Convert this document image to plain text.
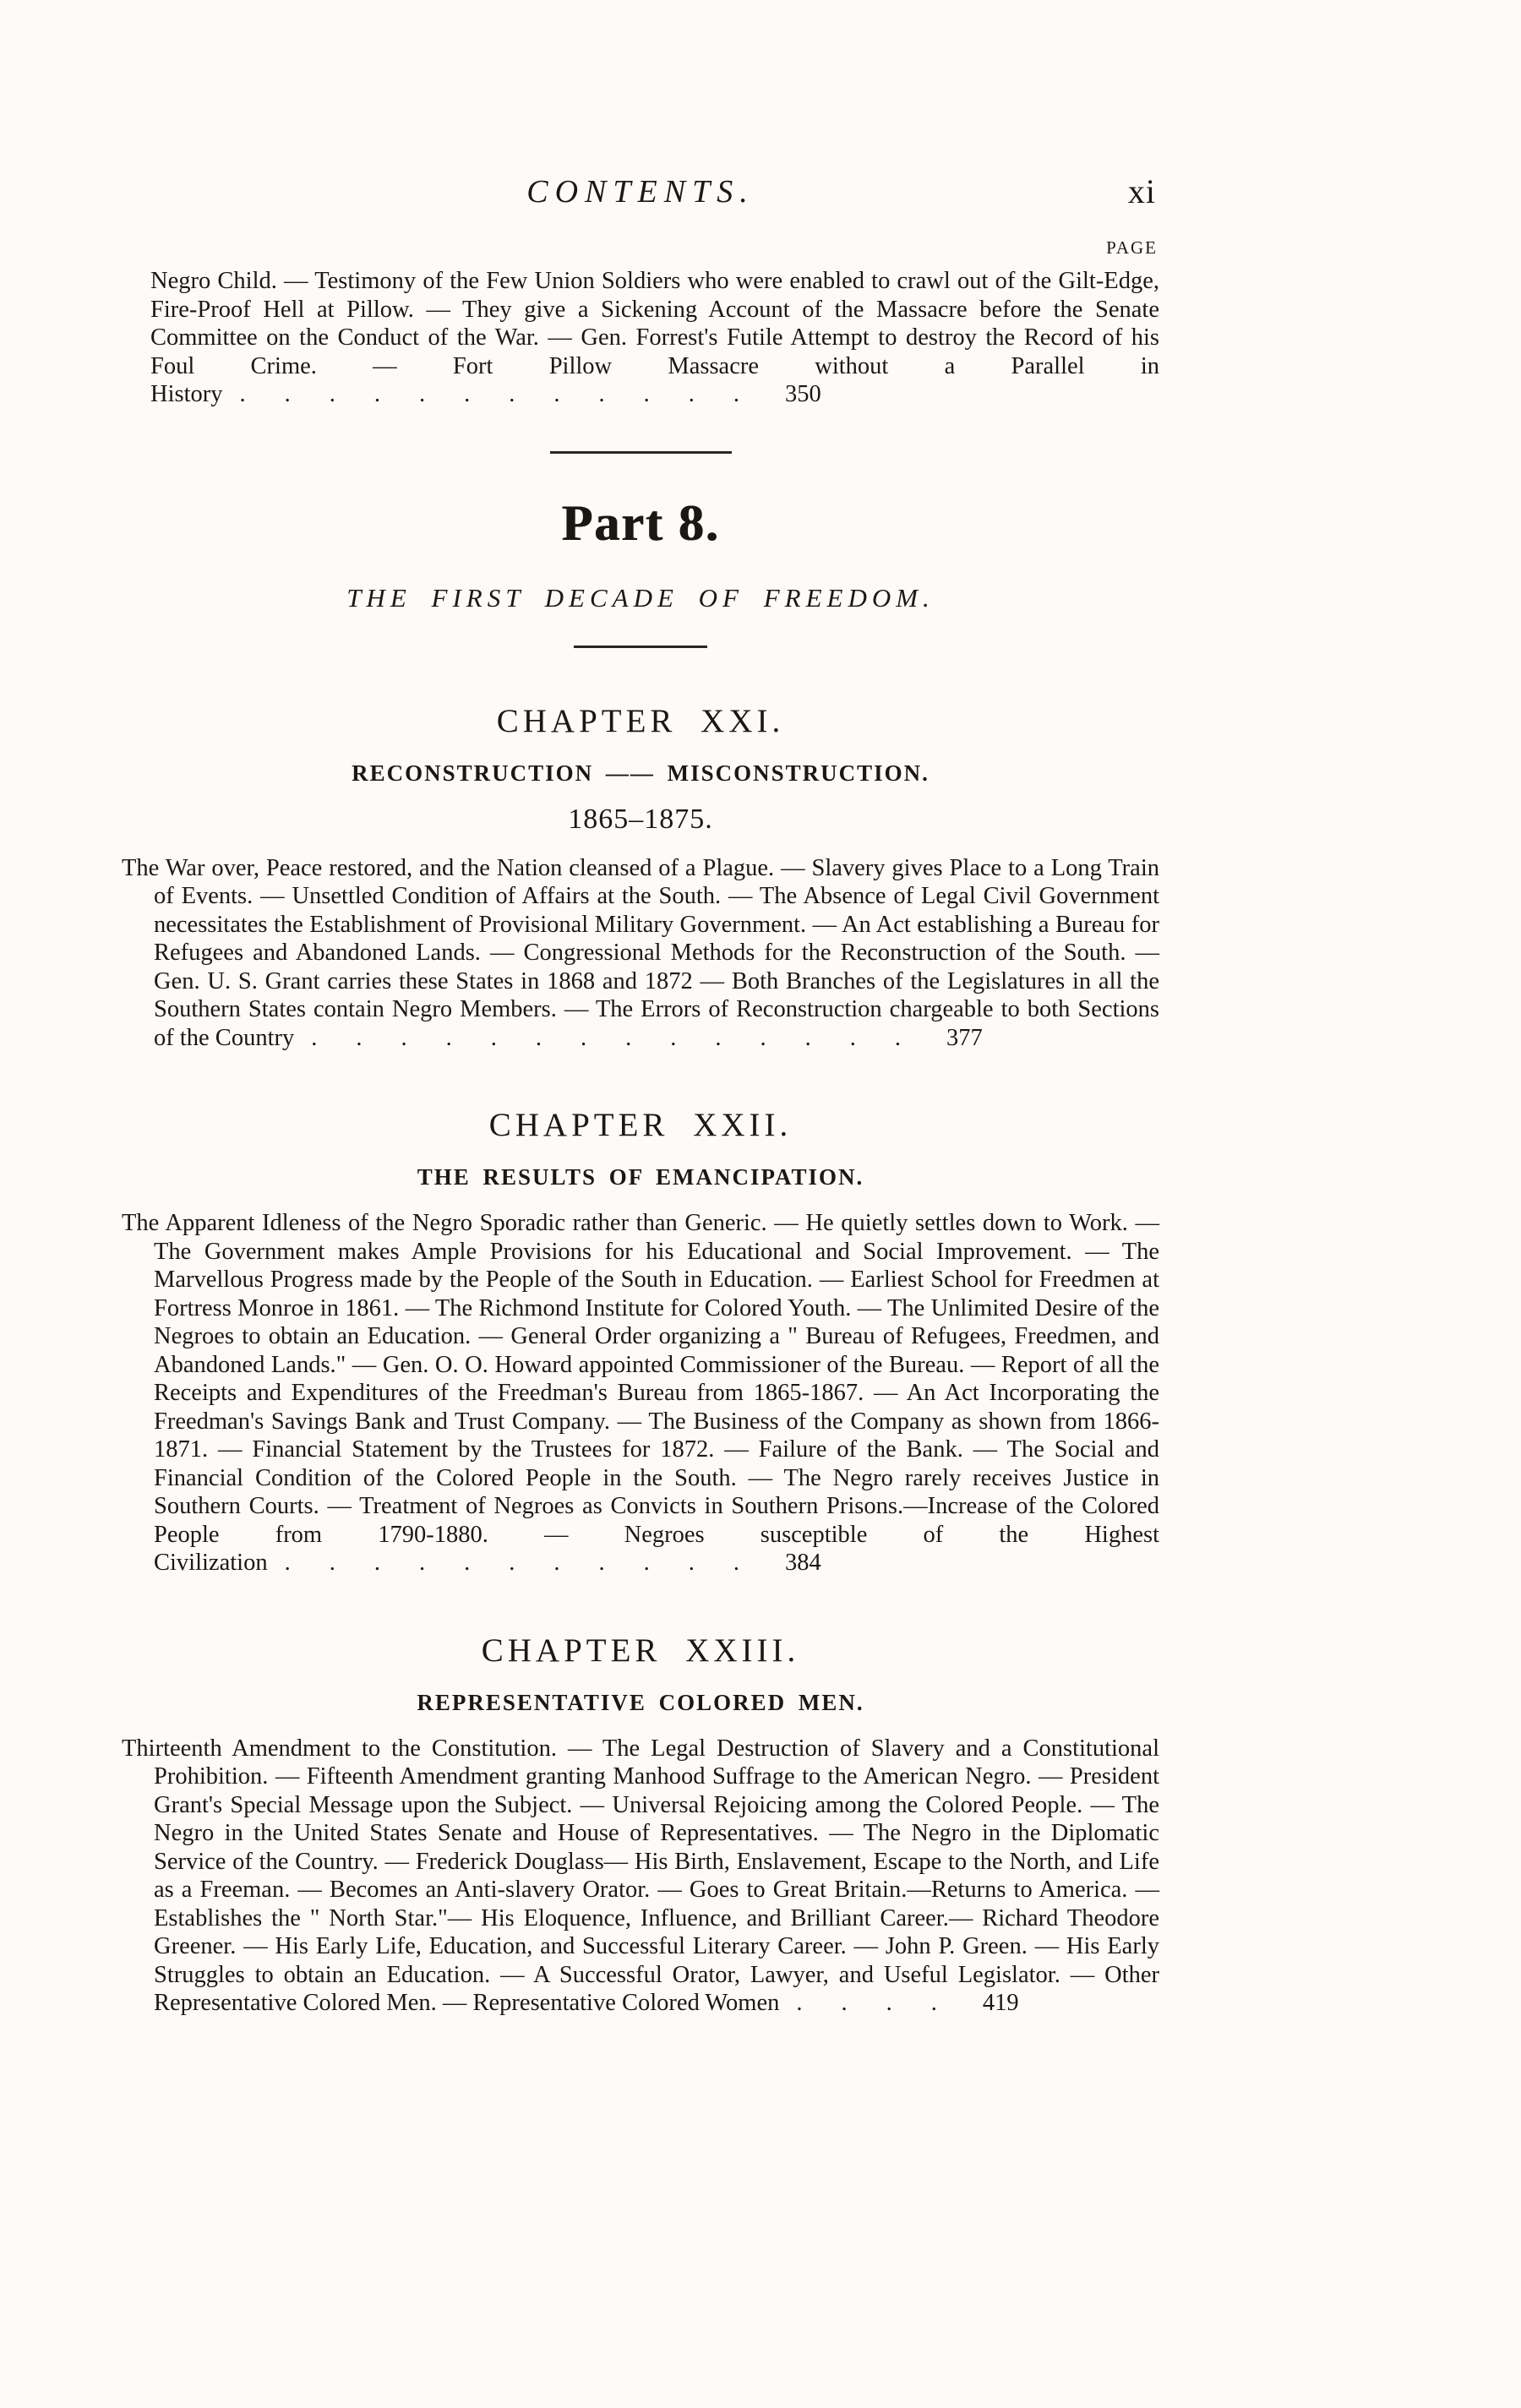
CONTENTS.	xi
PAGE

Negro Child. — Testimony of the Few Union Soldiers who were enabled to crawl out of the Gilt-Edge, Fire-Proof Hell at Pillow. — They give a Sickening Account of the Massacre before the Senate Committee on the Conduct of the War. — Gen. Forrest's Futile Attempt to destroy the Record of his Foul Crime. — Fort Pillow Massacre without a Parallel in History ............ 350

Part 8.
THE FIRST DECADE OF FREEDOM.
CHAPTER XXI.
RECONSTRUCTION —— MISCONSTRUCTION.
1865–1875.

The War over, Peace restored, and the Nation cleansed of a Plague. — Slavery gives Place to a Long Train of Events. — Unsettled Condition of Affairs at the South. — The Absence of Legal Civil Government necessitates the Establishment of Provisional Military Government. — An Act establishing a Bureau for Refugees and Abandoned Lands. — Congressional Methods for the Reconstruction of the South. — Gen. U. S. Grant carries these States in 1868 and 1872 — Both Branches of the Legislatures in all the Southern States contain Negro Members. — The Errors of Reconstruction chargeable to both Sections of the Country .............. 377

CHAPTER XXII.
THE RESULTS OF EMANCIPATION.

The Apparent Idleness of the Negro Sporadic rather than Generic. — He quietly settles down to Work. — The Government makes Ample Provisions for his Educational and Social Improvement. — The Marvellous Progress made by the People of the South in Education. — Earliest School for Freedmen at Fortress Monroe in 1861. — The Richmond Institute for Colored Youth. — The Unlimited Desire of the Negroes to obtain an Education. — General Order organizing a " Bureau of Refugees, Freedmen, and Abandoned Lands." — Gen. O. O. Howard appointed Commissioner of the Bureau. — Report of all the Receipts and Expenditures of the Freedman's Bureau from 1865-1867. — An Act Incorporating the Freedman's Savings Bank and Trust Company. — The Business of the Company as shown from 1866-1871. — Financial Statement by the Trustees for 1872. — Failure of the Bank. — The Social and Financial Condition of the Colored People in the South. — The Negro rarely receives Justice in Southern Courts. — Treatment of Negroes as Convicts in Southern Prisons.—Increase of the Colored People from 1790-1880. — Negroes susceptible of the Highest Civilization ........... 384

CHAPTER XXIII.
REPRESENTATIVE COLORED MEN.

Thirteenth Amendment to the Constitution. — The Legal Destruction of Slavery and a Constitutional Prohibition. — Fifteenth Amendment granting Manhood Suffrage to the American Negro. — President Grant's Special Message upon the Subject. — Universal Rejoicing among the Colored People. — The Negro in the United States Senate and House of Representatives. — The Negro in the Diplomatic Service of the Country. — Frederick Douglass— His Birth, Enslavement, Escape to the North, and Life as a Freeman. — Becomes an Anti-slavery Orator. — Goes to Great Britain.—Returns to America. — Establishes the " North Star."— His Eloquence, Influence, and Brilliant Career.— Richard Theodore Greener. — His Early Life, Education, and Successful Literary Career. — John P. Green. — His Early Struggles to obtain an Education. — A Successful Orator, Lawyer, and Useful Legislator. — Other Representative Colored Men. — Representative Colored Women .... 419
